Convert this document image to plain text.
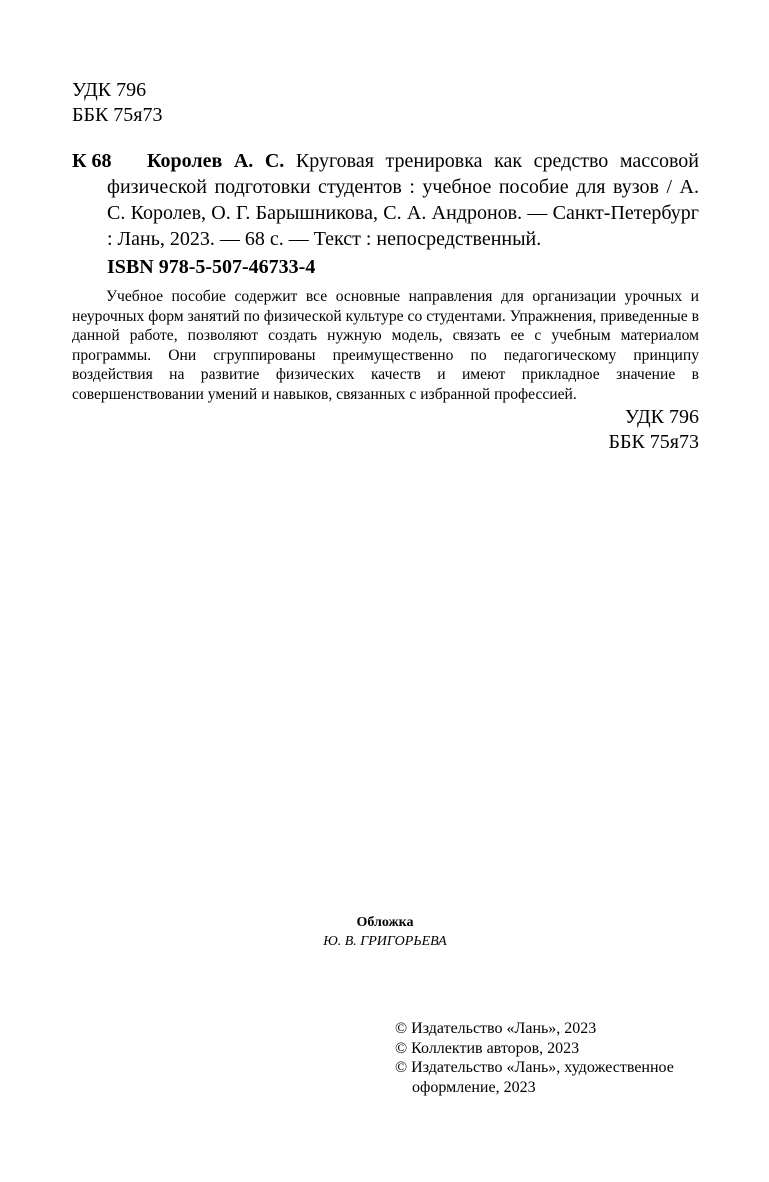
УДК 796
ББК 75я73
К 68	Королев А. С. Круговая тренировка как средство массовой физической подготовки студентов : учебное пособие для вузов / А. С. Королев, О. Г. Барышникова, С. А. Андронов. — Санкт-Петербург : Лань, 2023. — 68 с. — Текст : непосредственный.
ISBN 978-5-507-46733-4
Учебное пособие содержит все основные направления для организации урочных и неурочных форм занятий по физической культуре со студентами. Упражнения, приведенные в данной работе, позволяют создать нужную модель, связать ее с учебным материалом программы. Они сгруппированы преимущественно по педагогическому принципу воздействия на развитие физических качеств и имеют прикладное значение в совершенствовании умений и навыков, связанных с избранной профессией.
УДК 796
ББК 75я73
Обложка
Ю. В. ГРИГОРЬЕВА
© Издательство «Лань», 2023
© Коллектив авторов, 2023
© Издательство «Лань», художественное
оформление, 2023
